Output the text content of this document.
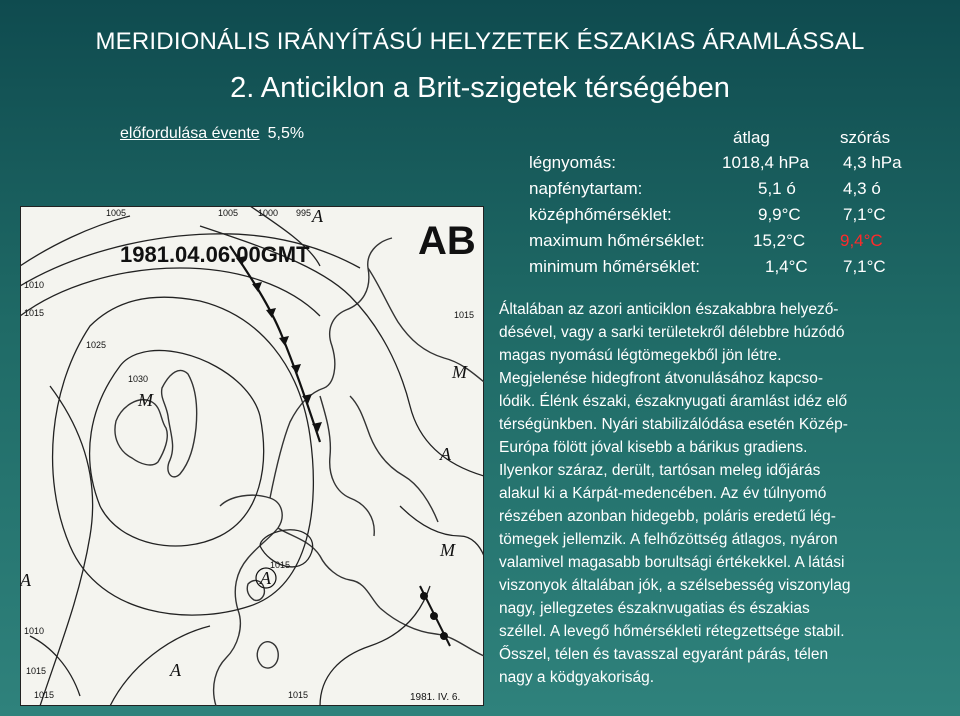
MERIDIONÁLIS IRÁNYÍTÁSÚ HELYZETEK ÉSZAKIAS ÁRAMLÁSSAL
2. Anticiklon a Brit-szigetek térségében
előfordulása évente 5,5%	átlag	szórás
légnyomás:	1018,4 hPa 4,3 hPa
napfénytartam:	5,1 ó	4,3 ó
középhőmérséklet:	9,9°C 7,1°C
maximum hőmérséklet:	15,2°C 9,4°C
minimum hőmérséklet:	1,4°C 7,1°C
1981.04.06.00GMT	AB
1981. IV. 6.
1005	1005 1000 995
1010
1015
1025
1030
1015
1015
1010
1015	1015
1015
A
M
M
A
A	A
A
M
Általában az azori anticiklon északabbra helyező-
désével, vagy a sarki területekről délebbre húzódó
magas nyomású légtömegekből jön létre.
Megjelenése hidegfront átvonulásához kapcso-
lódik. Élénk északi, északnyugati áramlást idéz elő
térségünkben. Nyári stabilizálódása esetén Közép-
Európa fölött jóval kisebb a bárikus gradiens.
Ilyenkor száraz, derült, tartósan meleg időjárás
alakul ki a Kárpát-medencében. Az év túlnyomó
részében azonban hidegebb, poláris eredetű lég-
tömegek jellemzik. A felhőzöttség átlagos, nyáron
valamivel magasabb borultsági értékekkel. A látási
viszonyok általában jók, a szélsebesség viszonylag
nagy, jellegzetes északnvugatias és északias
széllel. A levegő hőmérsékleti rétegzettsége stabil.
Ősszel, télen és tavasszal egyaránt párás, télen
nagy a ködgyakoriság.
